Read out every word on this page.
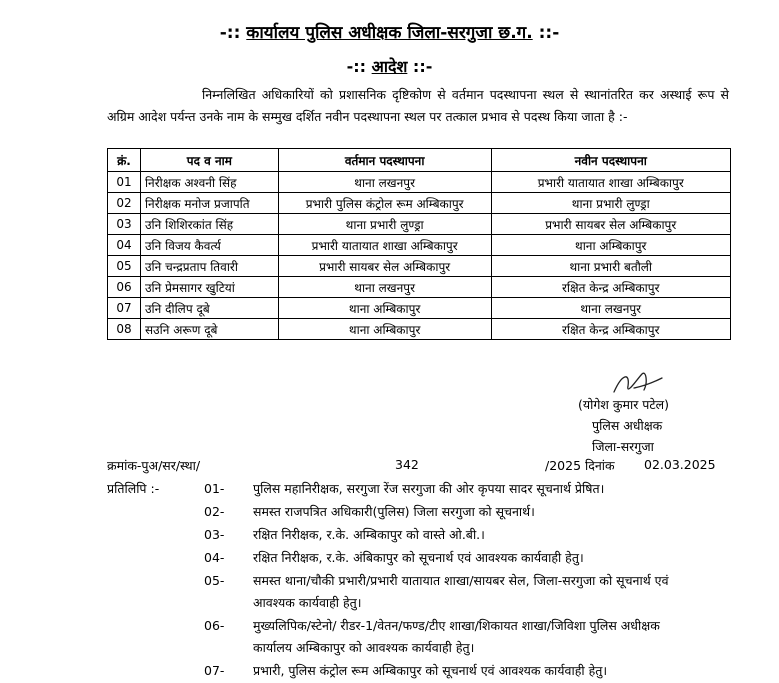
-:: कार्यालय पुलिस अधीक्षक जिला-सरगुजा छ.ग. ::-
-:: आदेश ::-
निम्नलिखित अधिकारियों को प्रशासनिक दृष्टिकोण से वर्तमान पदस्थापना स्थल से स्थानांतरित कर अस्थाई रूप से अग्रिम आदेश पर्यन्त उनके नाम के सम्मुख दर्शित नवीन पदस्थापना स्थल पर तत्काल प्रभाव से पदस्थ किया जाता है :-
क्रं.	पद व नाम	वर्तमान पदस्थापना	नवीन पदस्थापना
01	निरीक्षक अश्वनी सिंह	थाना लखनपुर	प्रभारी यातायात शाखा अम्बिकापुर
02	निरीक्षक मनोज प्रजापति	प्रभारी पुलिस कंट्रोल रूम अम्बिकापुर	थाना प्रभारी लुण्ड्रा
03	उनि शिशिरकांत सिंह	थाना प्रभारी लुण्ड्रा	प्रभारी सायबर सेल अम्बिकापुर
04	उनि विजय कैवर्त्य	प्रभारी यातायात शाखा अम्बिकापुर	थाना अम्बिकापुर
05	उनि चन्द्रप्रताप तिवारी	प्रभारी सायबर सेल अम्बिकापुर	थाना प्रभारी बतौली
06	उनि प्रेमसागर खुटियां	थाना लखनपुर	रक्षित केन्द्र अम्बिकापुर
07	उनि दीलिप दूबे	थाना अम्बिकापुर	थाना लखनपुर
08	सउनि अरूण दूबे	थाना अम्बिकापुर	रक्षित केन्द्र अम्बिकापुर
(योगेश कुमार पटेल)
पुलिस अधीक्षक
जिला-सरगुजा
क्रमांक-पुअ/सर/स्था/	342	/2025 दिनांक 02.03.2025
प्रतिलिपि :-	01- पुलिस महानिरीक्षक, सरगुजा रेंज सरगुजा की ओर कृपया सादर सूचनार्थ प्रेषित।
02- समस्त राजपत्रित अधिकारी(पुलिस) जिला सरगुजा को सूचनार्थ।
03- रक्षित निरीक्षक, र.के. अम्बिकापुर को वास्ते ओ.बी.।
04- रक्षित निरीक्षक, र.के. अंबिकापुर को सूचनार्थ एवं आवश्यक कार्यवाही हेतु।
05- समस्त थाना/चौकी प्रभारी/प्रभारी यातायात शाखा/सायबर सेल, जिला-सरगुजा को सूचनार्थ एवं आवश्यक कार्यवाही हेतु।
06- मुख्यलिपिक/स्टेनो/ रीडर-1/वेतन/फण्ड/टीए शाखा/शिकायत शाखा/जिविशा पुलिस अधीक्षक कार्यालय अम्बिकापुर को आवश्यक कार्यवाही हेतु।
07- प्रभारी, पुलिस कंट्रोल रूम अम्बिकापुर को सूचनार्थ एवं आवश्यक कार्यवाही हेतु।
